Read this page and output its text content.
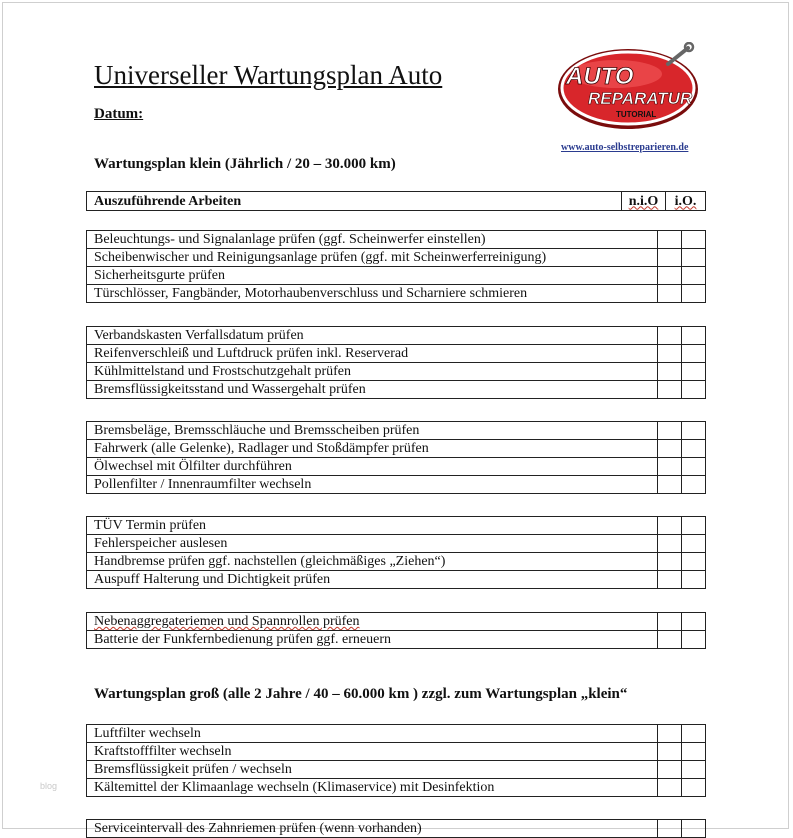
Universeller Wartungsplan Auto
Datum:
AUTO
REPARATUR
TUTORIAL
www.auto-selbstreparieren.de
Wartungsplan klein (Jährlich / 20 – 30.000 km)
Auszuführende Arbeiten	n.i.O	i.O.
Beleuchtungs- und Signalanlage prüfen (ggf. Scheinwerfer einstellen)		
Scheibenwischer und Reinigungsanlage prüfen (ggf. mit Scheinwerferreinigung)		
Sicherheitsgurte prüfen		
Türschlösser, Fangbänder, Motorhaubenverschluss und Scharniere schmieren		
Verbandskasten Verfallsdatum prüfen		
Reifenverschleiß und Luftdruck prüfen inkl. Reserverad		
Kühlmittelstand und Frostschutzgehalt prüfen		
Bremsflüssigkeitsstand und Wassergehalt prüfen		
Bremsbeläge, Bremsschläuche und Bremsscheiben prüfen		
Fahrwerk (alle Gelenke), Radlager und Stoßdämpfer prüfen		
Ölwechsel mit Ölfilter durchführen		
Pollenfilter / Innenraumfilter wechseln		
TÜV Termin prüfen		
Fehlerspeicher auslesen		
Handbremse prüfen ggf. nachstellen (gleichmäßiges „Ziehen“)		
Auspuff Halterung und Dichtigkeit prüfen		
Nebenaggregateriemen und Spannrollen prüfen		
Batterie der Funkfernbedienung prüfen ggf. erneuern		
Wartungsplan groß (alle 2 Jahre / 40 – 60.000 km ) zzgl. zum Wartungsplan „klein“
Luftfilter wechseln		
Kraftstofffilter wechseln		
Bremsflüssigkeit prüfen / wechseln		
Kältemittel der Klimaanlage wechseln (Klimaservice) mit Desinfektion		
Serviceintervall des Zahnriemen prüfen (wenn vorhanden)		
blog
